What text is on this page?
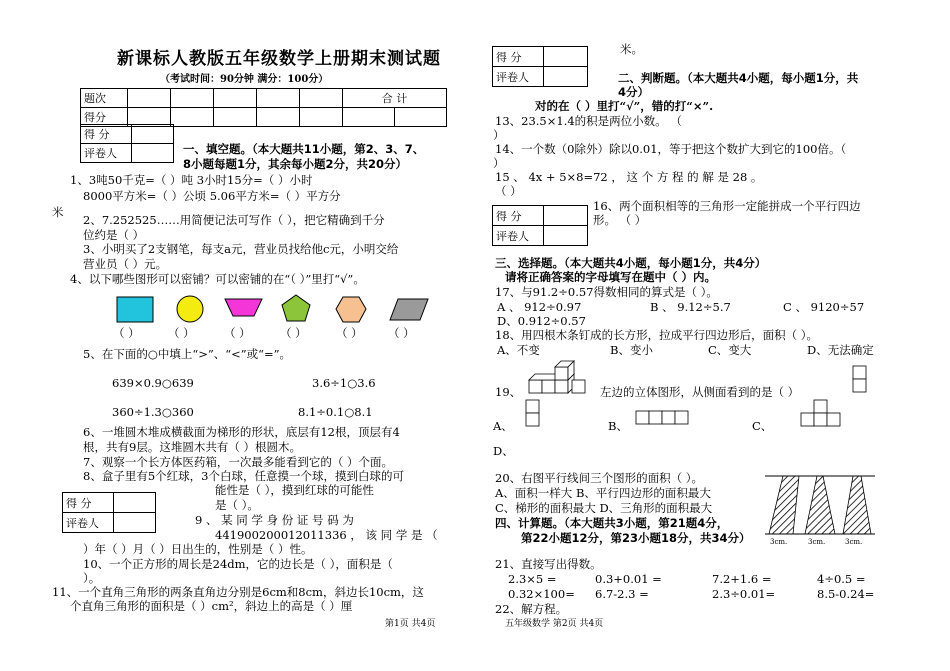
新课标人教版五年级数学上册期末测试题
（考试时间：90分钟 满分：100分）
题次						合 计	
得分							
得 分	
评卷人		一、填空题。（本大题共11小题，第2、3、7、
8小题每题1分，其余每小题2分，共20分）
1、3吨50千克=（ ）吨 3小时15分=（ ）小时
8000平方米=（ ）公顷 5.06平方米=（ ）平方分
米
2、7.252525……用简便记法可写作（ ），把它精确到千分
位约是（ ）
3、小明买了2支钢笔，每支a元，营业员找给他c元，小明交给
营业员（ ）元。
4、以下哪些图形可以密铺？可以密铺的在“（ ）”里打“√”。
（ ） （ ）	（ ）	（ ）	（ ） （ ）
5、在下面的○中填上“>”、“<”或“=”。
639×0.9○639	3.6÷1○3.6
360÷1.3○360	8.1÷0.1○8.1
6、一堆圆木堆成横截面为梯形的形状，底层有12根，顶层有4
根，共有9层。这堆圆木共有（ ）根圆木。
7、观察一个长方体医药箱，一次最多能看到它的（ ）个面。
8、盒子里有5个红球，3个白球，任意摸一个球，摸到白球的可
得 分	
评卷人	
能性是（ ），摸到红球的可能性
是（ ）。
9 、 某 同 学 身 份 证 号 码 为
441900200012011336 ， 该 同 学 是 （
）年（ ）月（ ）日出生的，性别是（ ）性。
10、一个正方形的周长是24dm，它的边长是（ ），面积是（
）。
11、一个直角三角形的两条直角边分别是6cm和8cm，斜边长10cm，这
个直角三角形的面积是（ ）cm²，斜边上的高是（ ）厘
第1页 共4页
得 分	
评卷人	
米。
二、判断题。（本大题共4小题，每小题1分，共
4分）
对的在（ ）里打“√”，错的打“×”.
13、23.5×1.4的积是两位小数。 （
）
14、一个数（0除外）除以0.01，等于把这个数扩大到它的100倍。（
）
15 、 4x + 5×8=72 ， 这 个 方 程 的 解 是 28 。
（ ）
得 分	
评卷人	
16、两个面积相等的三角形一定能拼成一个平行四边
形。 （ ）
三、选择题。（本大题共4小题，每小题1分，共4分）
请将正确答案的字母填写在题中（ ）内。
17、与91.2÷0.57得数相同的算式是（ ）。
A 、 912÷0.97	B 、 9.12÷5.7	C 、 9120÷57
D、0.912÷0.57
18、用四根木条钉成的长方形，拉成平行四边形后，面积（ ）。
A、不变	B、变小	C、变大	D、无法确定
19、	左边的立体图形，从侧面看到的是（ ）
A、	B、	C、
D、
20、右图平行线间三个图形的面积（ ）。
A、面积一样大 B、平行四边形的面积最大
C、梯形的面积最大 D、三角形的面积最大
3cm.	3cm.	3cm.
四、计算题。（本大题共3小题，第21题4分，
第22小题12分，第23小题18分，共34分）
21、直接写出得数。
2.3×5 =	0.3+0.01 =	7.2+1.6 =	4÷0.5 =
0.32×100= 6.7-2.3 =	2.3÷0.01=	8.5-0.24=
22、解方程。
五年级数学 第2页 共4页
